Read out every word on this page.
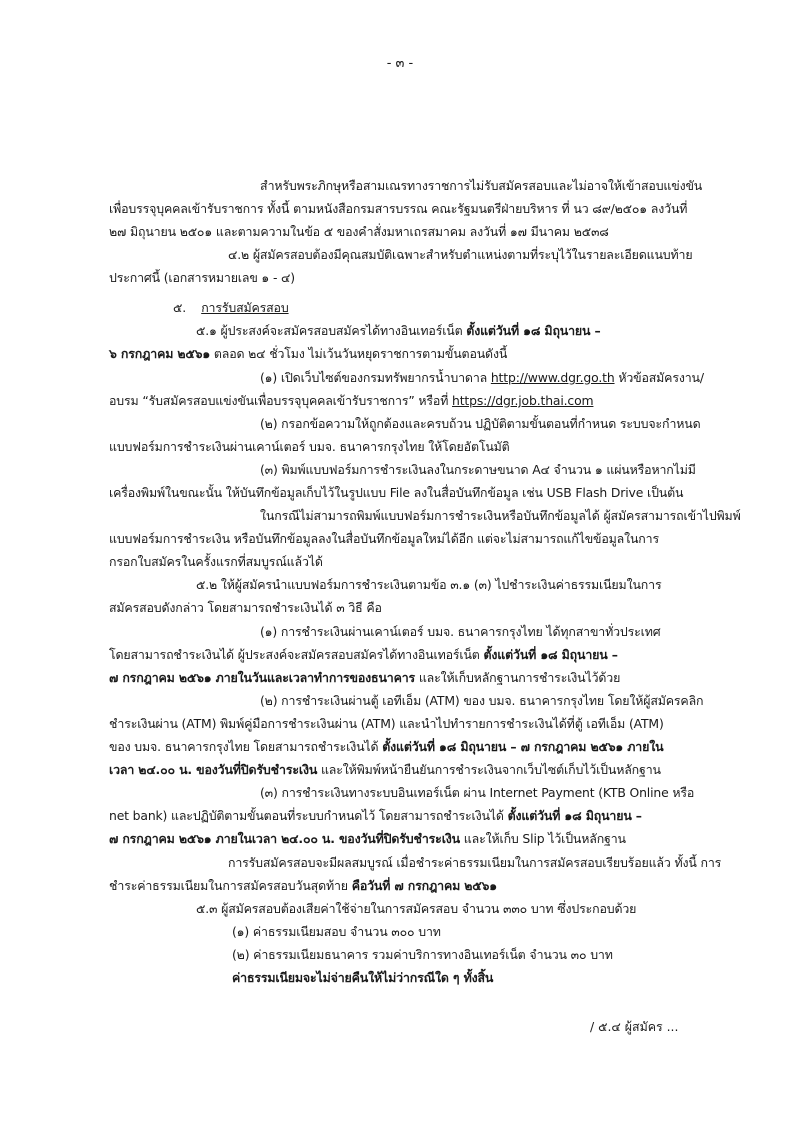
- ๓ -
สำหรับพระภิกษุหรือสามเณรทางราชการไม่รับสมัครสอบและไม่อาจให้เข้าสอบแข่งขัน
เพื่อบรรจุบุคคลเข้ารับราชการ ทั้งนี้ ตามหนังสือกรมสารบรรณ คณะรัฐมนตรีฝ่ายบริหาร ที่ นว ๘๙/๒๕๐๑ ลงวันที่
๒๗ มิถุนายน ๒๕๐๑ และตามความในข้อ ๕ ของคำสั่งมหาเถรสมาคม ลงวันที่ ๑๗ มีนาคม ๒๕๓๘
๔.๒ ผู้สมัครสอบต้องมีคุณสมบัติเฉพาะสำหรับตำแหน่งตามที่ระบุไว้ในรายละเอียดแนบท้าย
ประกาศนี้ (เอกสารหมายเลข ๑ - ๔)
๕. การรับสมัครสอบ
๕.๑ ผู้ประสงค์จะสมัครสอบสมัครได้ทางอินเทอร์เน็ต ตั้งแต่วันที่ ๑๘ มิถุนายน –
๖ กรกฎาคม ๒๕๖๑ ตลอด ๒๔ ชั่วโมง ไม่เว้นวันหยุดราชการตามขั้นตอนดังนี้
(๑) เปิดเว็บไซต์ของกรมทรัพยากรน้ำบาดาล http://www.dgr.go.th หัวข้อสมัครงาน/
อบรม “รับสมัครสอบแข่งขันเพื่อบรรจุบุคคลเข้ารับราชการ” หรือที่ https://dgr.job.thai.com
(๒) กรอกข้อความให้ถูกต้องและครบถ้วน ปฏิบัติตามขั้นตอนที่กำหนด ระบบจะกำหนด
แบบฟอร์มการชำระเงินผ่านเคาน์เตอร์ บมจ. ธนาคารกรุงไทย ให้โดยอัตโนมัติ
(๓) พิมพ์แบบฟอร์มการชำระเงินลงในกระดาษขนาด A๔ จำนวน ๑ แผ่นหรือหากไม่มี
เครื่องพิมพ์ในขณะนั้น ให้บันทึกข้อมูลเก็บไว้ในรูปแบบ File ลงในสื่อบันทึกข้อมูล เช่น USB Flash Drive เป็นต้น
ในกรณีไม่สามารถพิมพ์แบบฟอร์มการชำระเงินหรือบันทึกข้อมูลได้ ผู้สมัครสามารถเข้าไปพิมพ์
แบบฟอร์มการชำระเงิน หรือบันทึกข้อมูลลงในสื่อบันทึกข้อมูลใหม่ได้อีก แต่จะไม่สามารถแก้ไขข้อมูลในการ
กรอกใบสมัครในครั้งแรกที่สมบูรณ์แล้วได้
๕.๒ ให้ผู้สมัครนำแบบฟอร์มการชำระเงินตามข้อ ๓.๑ (๓) ไปชำระเงินค่าธรรมเนียมในการ
สมัครสอบดังกล่าว โดยสามารถชำระเงินได้ ๓ วิธี คือ
(๑) การชำระเงินผ่านเคาน์เตอร์ บมจ. ธนาคารกรุงไทย ได้ทุกสาขาทั่วประเทศ
โดยสามารถชำระเงินได้ ผู้ประสงค์จะสมัครสอบสมัครได้ทางอินเทอร์เน็ต ตั้งแต่วันที่ ๑๘ มิถุนายน –
๗ กรกฎาคม ๒๕๖๑ ภายในวันและเวลาทำการของธนาคาร และให้เก็บหลักฐานการชำระเงินไว้ด้วย
(๒) การชำระเงินผ่านตู้ เอทีเอ็ม (ATM) ของ บมจ. ธนาคารกรุงไทย โดยให้ผู้สมัครคลิก
ชำระเงินผ่าน (ATM) พิมพ์คู่มือการชำระเงินผ่าน (ATM) และนำไปทำรายการชำระเงินได้ที่ตู้ เอทีเอ็ม (ATM)
ของ บมจ. ธนาคารกรุงไทย โดยสามารถชำระเงินได้ ตั้งแต่วันที่ ๑๘ มิถุนายน – ๗ กรกฎาคม ๒๕๖๑ ภายใน
เวลา ๒๔.๐๐ น. ของวันที่ปิดรับชำระเงิน และให้พิมพ์หน้ายืนยันการชำระเงินจากเว็บไซต์เก็บไว้เป็นหลักฐาน
(๓) การชำระเงินทางระบบอินเทอร์เน็ต ผ่าน Internet Payment (KTB Online หรือ
net bank) และปฏิบัติตามขั้นตอนที่ระบบกำหนดไว้ โดยสามารถชำระเงินได้ ตั้งแต่วันที่ ๑๘ มิถุนายน –
๗ กรกฎาคม ๒๕๖๑ ภายในเวลา ๒๔.๐๐ น. ของวันที่ปิดรับชำระเงิน และให้เก็บ Slip ไว้เป็นหลักฐาน
การรับสมัครสอบจะมีผลสมบูรณ์ เมื่อชำระค่าธรรมเนียมในการสมัครสอบเรียบร้อยแล้ว ทั้งนี้ การ
ชำระค่าธรรมเนียมในการสมัครสอบวันสุดท้าย คือวันที่ ๗ กรกฎาคม ๒๕๖๑
๕.๓ ผู้สมัครสอบต้องเสียค่าใช้จ่ายในการสมัครสอบ จำนวน ๓๓๐ บาท ซึ่งประกอบด้วย
(๑) ค่าธรรมเนียมสอบ จำนวน ๓๐๐ บาท
(๒) ค่าธรรมเนียมธนาคาร รวมค่าบริการทางอินเทอร์เน็ต จำนวน ๓๐ บาท
ค่าธรรมเนียมจะไม่จ่ายคืนให้ไม่ว่ากรณีใด ๆ ทั้งสิ้น
/ ๕.๔ ผู้สมัคร ...
